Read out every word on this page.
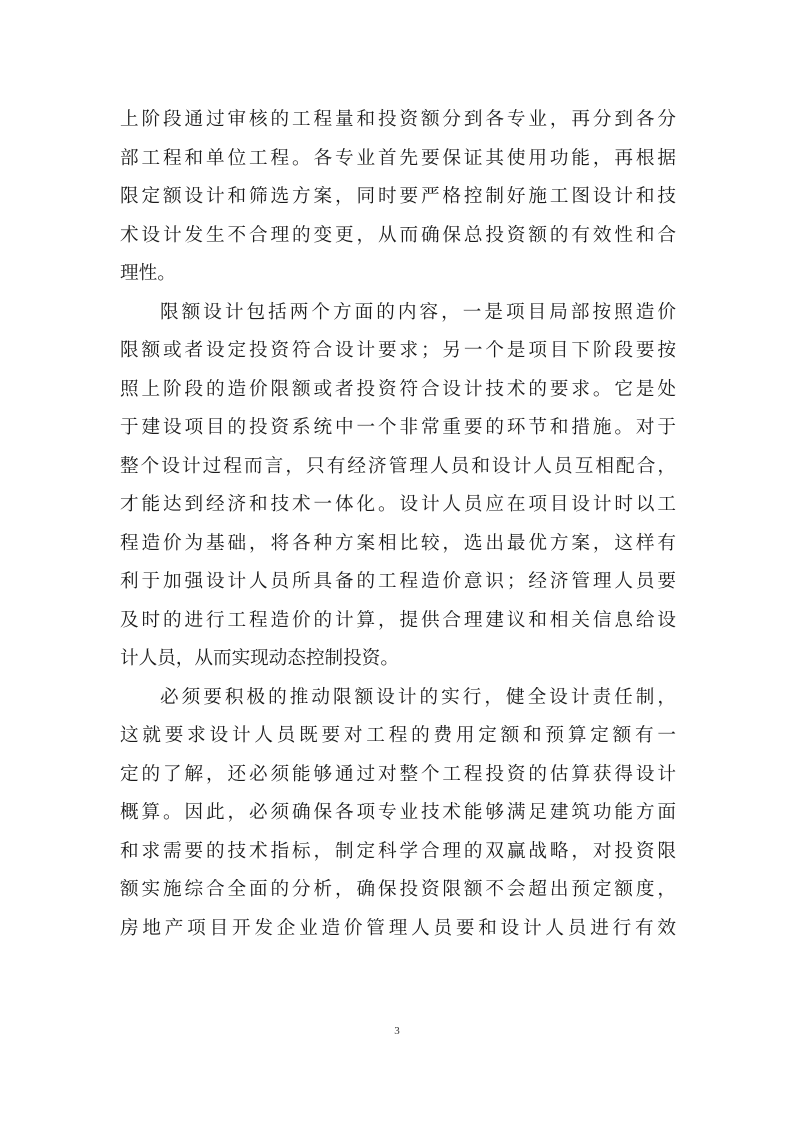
上阶段通过审核的工程量和投资额分到各专业，再分到各分
部工程和单位工程。各专业首先要保证其使用功能，再根据
限定额设计和筛选方案，同时要严格控制好施工图设计和技
术设计发生不合理的变更，从而确保总投资额的有效性和合
理性。
限额设计包括两个方面的内容，一是项目局部按照造价
限额或者设定投资符合设计要求；另一个是项目下阶段要按
照上阶段的造价限额或者投资符合设计技术的要求。它是处
于建设项目的投资系统中一个非常重要的环节和措施。对于
整个设计过程而言，只有经济管理人员和设计人员互相配合，
才能达到经济和技术一体化。设计人员应在项目设计时以工
程造价为基础，将各种方案相比较，选出最优方案，这样有
利于加强设计人员所具备的工程造价意识；经济管理人员要
及时的进行工程造价的计算，提供合理建议和相关信息给设
计人员，从而实现动态控制投资。
必须要积极的推动限额设计的实行，健全设计责任制，
这就要求设计人员既要对工程的费用定额和预算定额有一
定的了解，还必须能够通过对整个工程投资的估算获得设计
概算。因此，必须确保各项专业技术能够满足建筑功能方面
和求需要的技术指标，制定科学合理的双赢战略，对投资限
额实施综合全面的分析，确保投资限额不会超出预定额度，
房地产项目开发企业造价管理人员要和设计人员进行有效
3
